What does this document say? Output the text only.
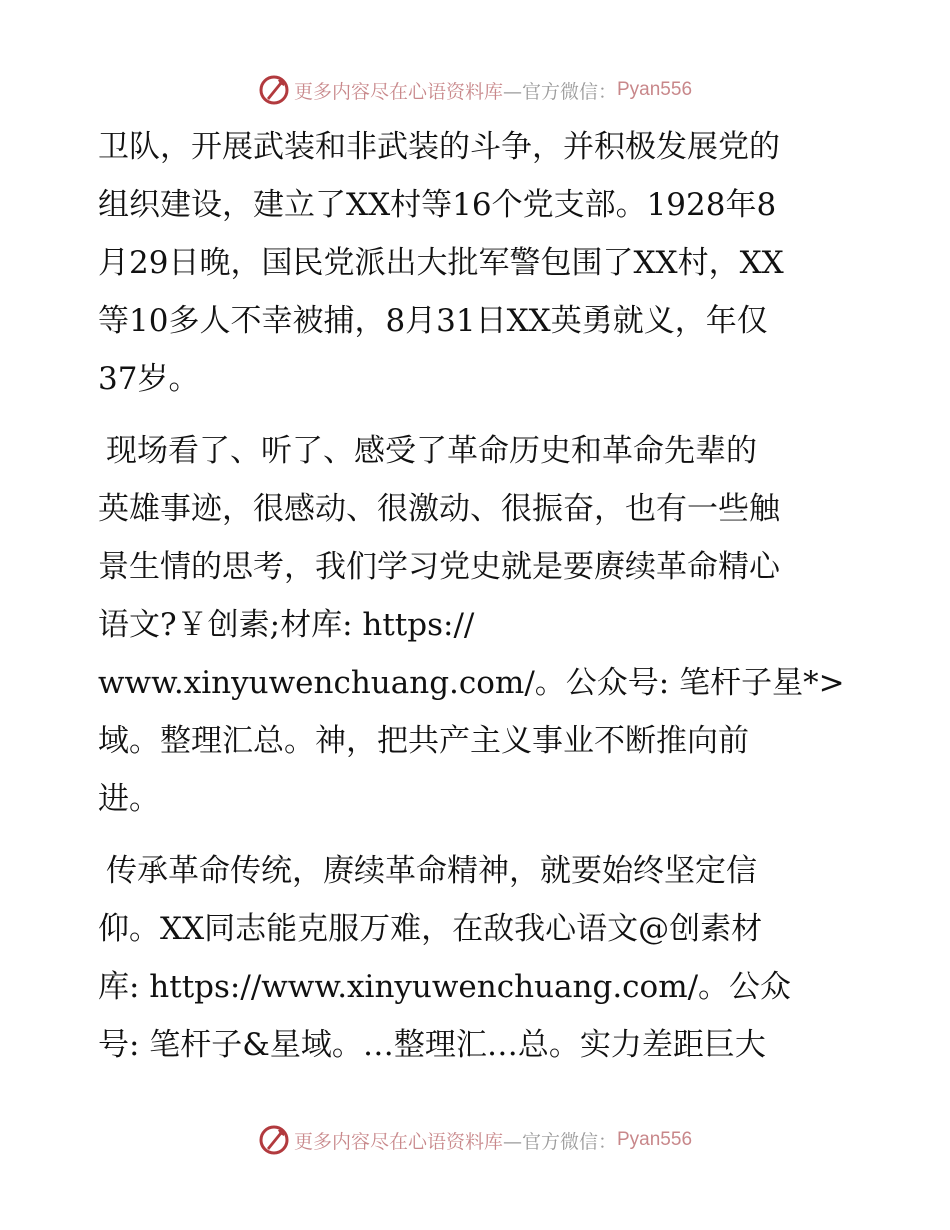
更多内容尽在心语资料库 —官方微信： Pyan556
卫队，开展武装和非武装的斗争，并积极发展党的
组织建设，建立了XX村等16个党支部。1928年8
月29日晚，国民党派出大批军警包围了XX村，XX
等10多人不幸被捕，8月31日XX英勇就义，年仅
37岁。
现场看了、听了、感受了革命历史和革命先辈的
英雄事迹，很感动、很激动、很振奋，也有一些触
景生情的思考，我们学习党史就是要赓续革命精心
语文?￥创素;材库: https://
www.xinyuwenchuang.com/。公众号: 笔杆子星*>
域。整理汇总。神，把共产主义事业不断推向前
进。
传承革命传统，赓续革命精神，就要始终坚定信
仰。XX同志能克服万难，在敌我心语文@创素材
库: https://www.xinyuwenchuang.com/。公众
号: 笔杆子&星域。…整理汇…总。实力差距巨大
更多内容尽在心语资料库 —官方微信： Pyan556
